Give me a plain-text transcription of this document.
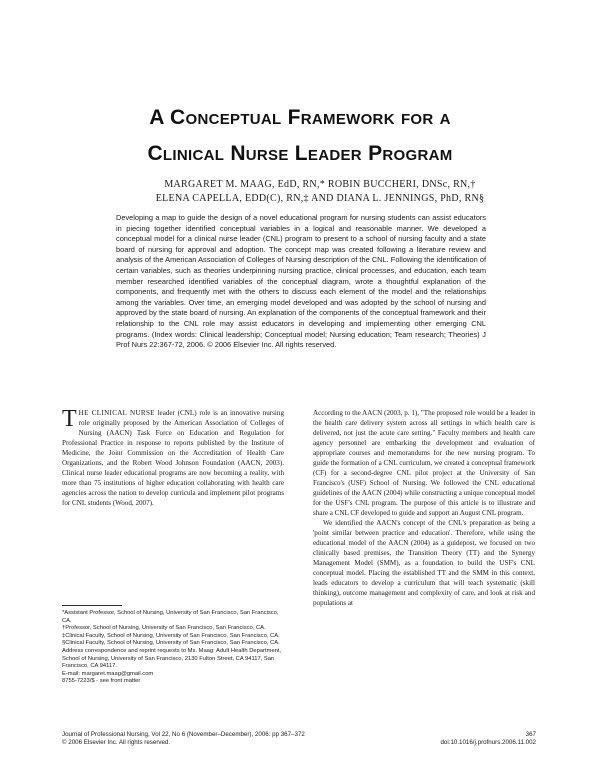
A Conceptual Framework for a
Clinical Nurse Leader Program
MARGARET M. MAAG, EdD, RN,* ROBIN BUCCHERI, DNSc, RN,†
ELENA CAPELLA, EDD(C), RN,‡ AND DIANA L. JENNINGS, PhD, RN§
Developing a map to guide the design of a novel educational program for nursing students can assist educators in piecing together identified conceptual variables in a logical and reasonable manner. We developed a conceptual model for a clinical nurse leader (CNL) program to present to a school of nursing faculty and a state board of nursing for approval and adoption. The concept map was created following a literature review and analysis of the American Association of Colleges of Nursing description of the CNL. Following the identification of certain variables, such as theories underpinning nursing practice, clinical processes, and education, each team member researched identified variables of the conceptual diagram, wrote a thoughtful explanation of the components, and frequently met with the others to discuss each element of the model and the relationships among the variables. Over time, an emerging model developed and was adopted by the school of nursing and approved by the state board of nursing. An explanation of the components of the conceptual framework and their relationship to the CNL role may assist educators in developing and implementing other emerging CNL programs. (Index words: Clinical leadership; Conceptual model; Nursing education; Team research; Theories) J Prof Nurs 22:367-72, 2006. © 2006 Elsevier Inc. All rights reserved.

THE CLINICAL NURSE leader (CNL) role is an innovative nursing role originally proposed by the American Association of Colleges of Nursing (AACN) Task Force on Education and Regulation for Professional Practice in response to reports published by the Institute of Medicine, the Joint Commission on the Accreditation of Health Care Organizations, and the Robert Wood Johnson Foundation (AACN, 2003). Clinical nurse leader educational programs are now becoming a reality, with more than 75 institutions of higher education collaborating with health care agencies across the nation to develop curricula and implement pilot programs for CNL students (Wood, 2007).

According to the AACN (2003, p. 1), "The proposed role would be a leader in the health care delivery system across all settings in which health care is delivered, not just the acute care setting." Faculty members and health care agency personnel are embarking the development and evaluation of appropriate courses and memorandums for the new nursing program. To guide the formation of a CNL curriculum, we created a conceptual framework (CF) for a second-degree CNL pilot project at the University of San Francisco's (USF) School of Nursing. We followed the CNL educational guidelines of the AACN (2004) while constructing a unique conceptual model for the USF's CNL program. The purpose of this article is to illustrate and share a CNL CF developed to guide and support an August CNL program.

We identified the AACN's concept of the CNL's preparation as being a 'point similar between practice and education'. Therefore, while using the educational model of the AACN (2004) as a guidepost, we focused on two clinically based premises, the Transition Theory (TT) and the Synergy Management Model (SMM), as a foundation to build the USF's CNL conceptual model. Placing the established TT and the SMM in this context, leads educators to develop a curriculum that will teach systematic (skill thinking), outcome management and complexity of care, and look at risk and populations at

*Assistant Professor, School of Nursing, University of San Francisco, San Francisco, CA.
†Professor, School of Nursing, University of San Francisco, San Francisco, CA.
‡Clinical Faculty, School of Nursing, University of San Francisco, San Francisco, CA.
§Clinical Faculty, School of Nursing, University of San Francisco, San Francisco, CA.
Address correspondence and reprint requests to Ms. Maag: Adult Health Department, School of Nursing, University of San Francisco, 2130 Fulton Street, CA 94117, San Francisco, CA 94117.
E-mail: margaret.maag@gmail.com
8755-7223/$ - see front matter
Journal of Professional Nursing, Vol 22, No 6 (November–December), 2006: pp 367–372	367
© 2006 Elsevier Inc. All rights reserved.	doi:10.1016/j.profnurs.2006.11.002
